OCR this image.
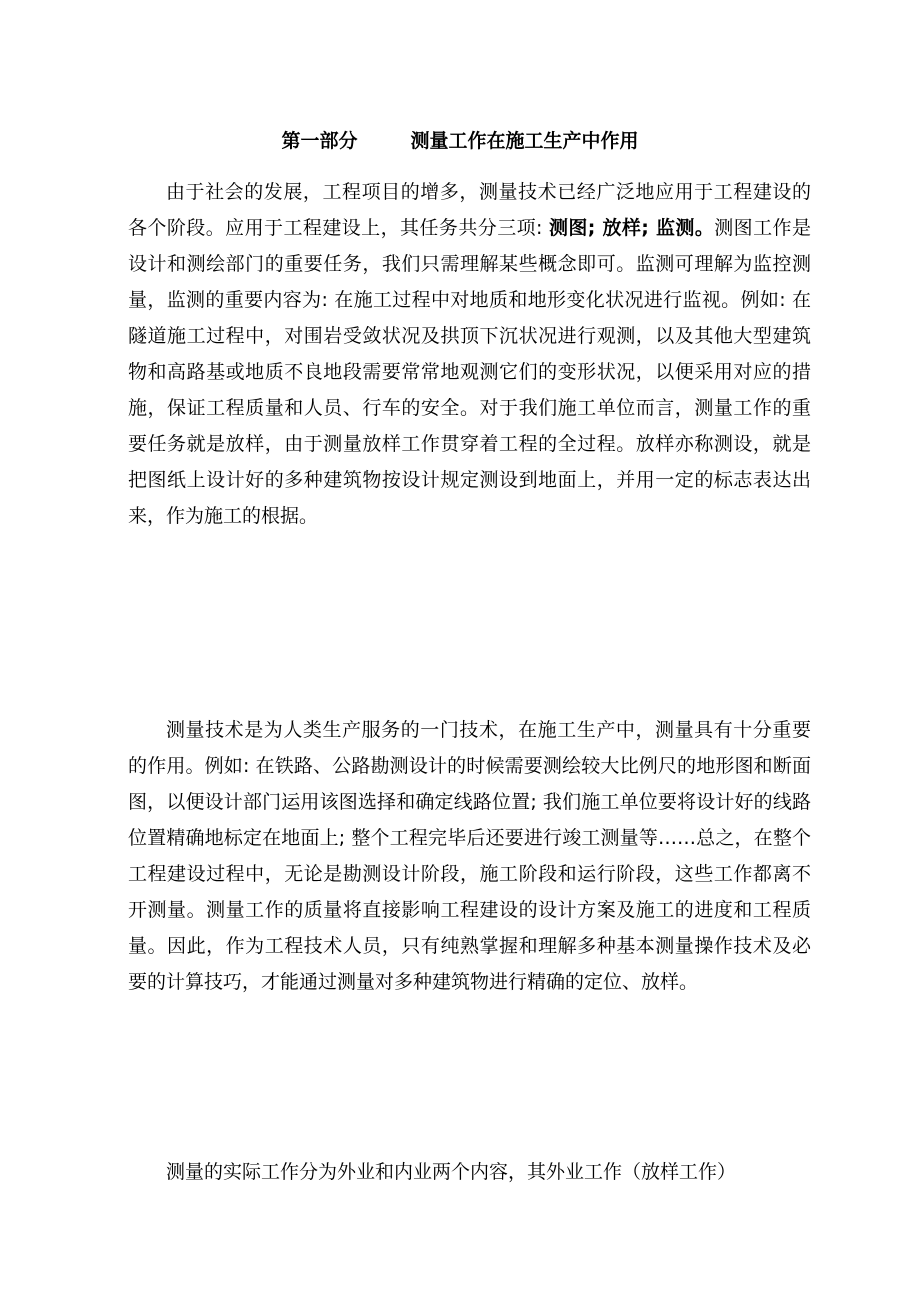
第一部分        测量工作在施工生产中作用

由于社会的发展，工程项目的增多，测量技术已经广泛地应用于工程建设的各个阶段。应用于工程建设上，其任务共分三项: 测图; 放样; 监测。测图工作是设计和测绘部门的重要任务，我们只需理解某些概念即可。监测可理解为监控测量，监测的重要内容为: 在施工过程中对地质和地形变化状况进行监视。例如: 在隧道施工过程中，对围岩受敛状况及拱顶下沉状况进行观测，以及其他大型建筑物和高路基或地质不良地段需要常常地观测它们的变形状况，以便采用对应的措施，保证工程质量和人员、行车的安全。对于我们施工单位而言，测量工作的重要任务就是放样，由于测量放样工作贯穿着工程的全过程。放样亦称测设，就是把图纸上设计好的多种建筑物按设计规定测设到地面上，并用一定的标志表达出来，作为施工的根据。

测量技术是为人类生产服务的一门技术，在施工生产中，测量具有十分重要的作用。例如: 在铁路、公路勘测设计的时候需要测绘较大比例尺的地形图和断面图，以便设计部门运用该图选择和确定线路位置; 我们施工单位要将设计好的线路位置精确地标定在地面上; 整个工程完毕后还要进行竣工测量等……总之，在整个工程建设过程中，无论是勘测设计阶段，施工阶段和运行阶段，这些工作都离不开测量。测量工作的质量将直接影响工程建设的设计方案及施工的进度和工程质量。因此，作为工程技术人员，只有纯熟掌握和理解多种基本测量操作技术及必要的计算技巧，才能通过测量对多种建筑物进行精确的定位、放样。

测量的实际工作分为外业和内业两个内容，其外业工作（放样工作）
